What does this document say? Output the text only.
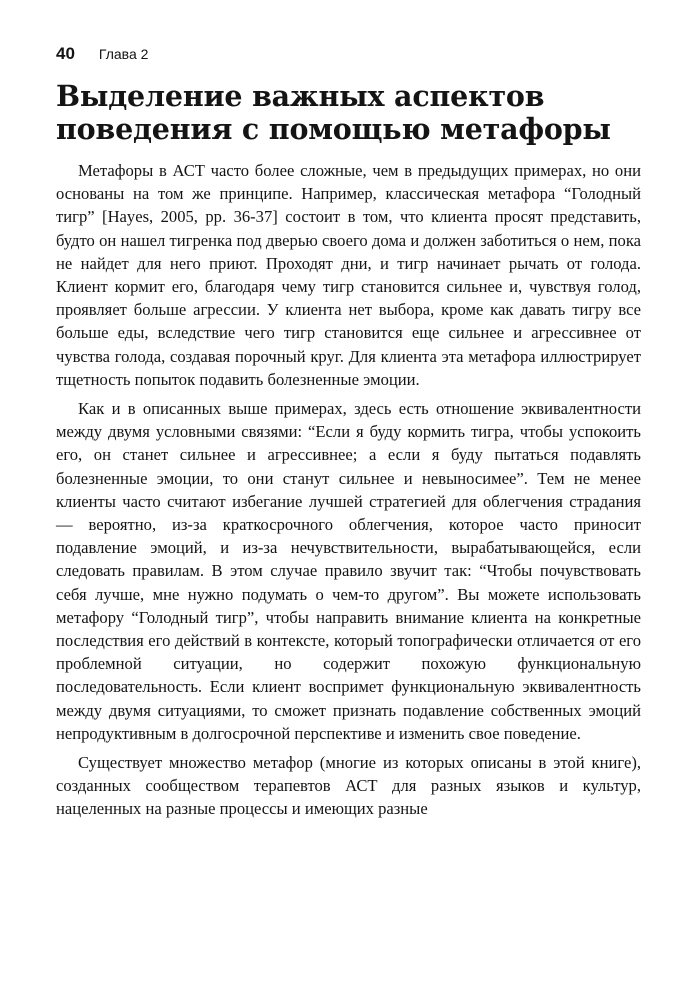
40 Глава 2
Выделение важных аспектов
поведения с помощью метафоры

Метафоры в АСТ часто более сложные, чем в предыдущих примерах, но они основаны на том же принципе. Например, классическая метафора “Голодный тигр” [Hayes, 2005, pp. 36-37] состоит в том, что клиента просят представить, будто он нашел тигренка под дверью своего дома и должен заботиться о нем, пока не найдет для него приют. Проходят дни, и тигр начинает рычать от голода. Клиент кормит его, благодаря чему тигр становится сильнее и, чувствуя голод, проявляет больше агрессии. У клиента нет выбора, кроме как давать тигру все больше еды, вследствие чего тигр становится еще сильнее и агрессивнее от чувства голода, создавая порочный круг. Для клиента эта метафора иллюстрирует тщетность попыток подавить болезненные эмоции.

Как и в описанных выше примерах, здесь есть отношение эквивалентности между двумя условными связями: “Если я буду кормить тигра, чтобы успокоить его, он станет сильнее и агрессивнее; а если я буду пытаться подавлять болезненные эмоции, то они станут сильнее и невыносимее”. Тем не менее клиенты часто считают избегание лучшей стратегией для облегчения страдания — вероятно, из-за краткосрочного облегчения, которое часто приносит подавление эмоций, и из-за нечувствительности, вырабатывающейся, если следовать правилам. В этом случае правило звучит так: “Чтобы почувствовать себя лучше, мне нужно подумать о чем-то другом”. Вы можете использовать метафору “Голодный тигр”, чтобы направить внимание клиента на конкретные последствия его действий в контексте, который топографически отличается от его проблемной ситуации, но содержит похожую функциональную последовательность. Если клиент воспримет функциональную эквивалентность между двумя ситуациями, то сможет признать подавление собственных эмоций непродуктивным в долгосрочной перспективе и изменить свое поведение.

Существует множество метафор (многие из которых описаны в этой книге), созданных сообществом терапевтов АСТ для разных языков и культур, нацеленных на разные процессы и имеющих разные
